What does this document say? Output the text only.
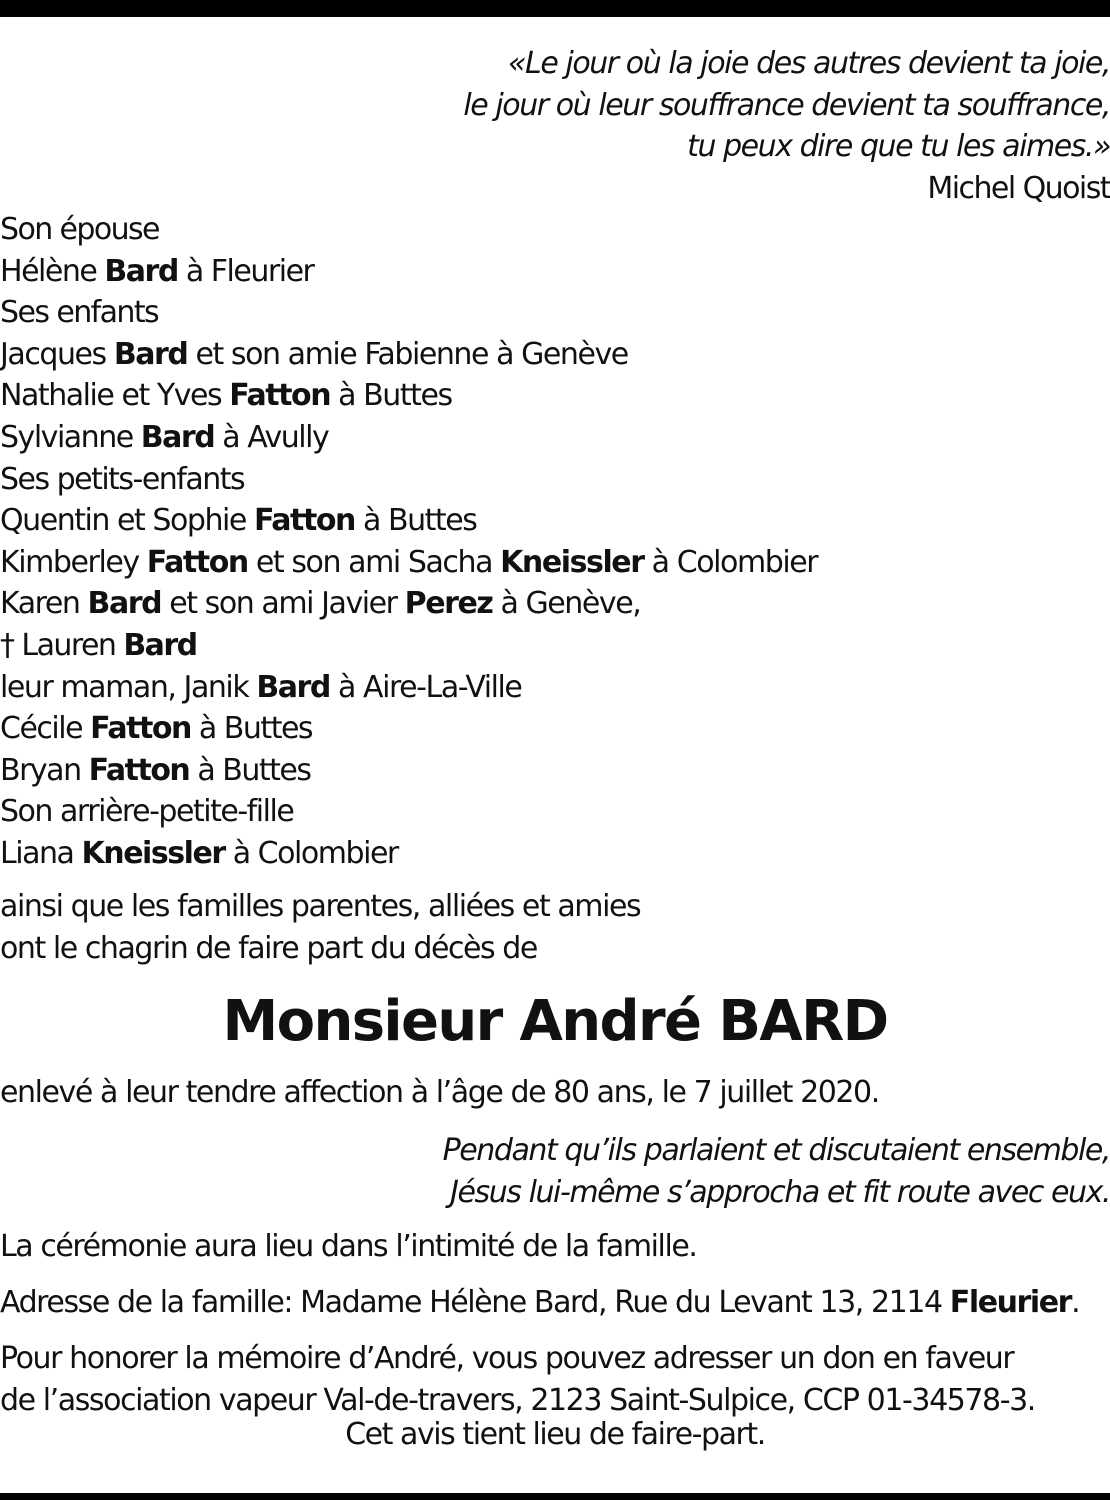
«Le jour où la joie des autres devient ta joie,
le jour où leur souffrance devient ta souffrance,
tu peux dire que tu les aimes.»
Michel Quoist
Son épouse
Hélène Bard à Fleurier
Ses enfants
Jacques Bard et son amie Fabienne à Genève
Nathalie et Yves Fatton à Buttes
Sylvianne Bard à Avully
Ses petits-enfants
Quentin et Sophie Fatton à Buttes
Kimberley Fatton et son ami Sacha Kneissler à Colombier
Karen Bard et son ami Javier Perez à Genève,
† Lauren Bard
leur maman, Janik Bard à Aire-La-Ville
Cécile Fatton à Buttes
Bryan Fatton à Buttes
Son arrière-petite-fille
Liana Kneissler à Colombier
ainsi que les familles parentes, alliées et amies
ont le chagrin de faire part du décès de
Monsieur André BARD
enlevé à leur tendre affection à l’âge de 80 ans, le 7 juillet 2020.
Pendant qu’ils parlaient et discutaient ensemble,
Jésus lui-même s’approcha et fit route avec eux.
La cérémonie aura lieu dans l’intimité de la famille.
Adresse de la famille: Madame Hélène Bard, Rue du Levant 13, 2114 Fleurier.
Pour honorer la mémoire d’André, vous pouvez adresser un don en faveur
de l’association vapeur Val-de-travers, 2123 Saint-Sulpice, CCP 01-34578-3.
Cet avis tient lieu de faire-part.
